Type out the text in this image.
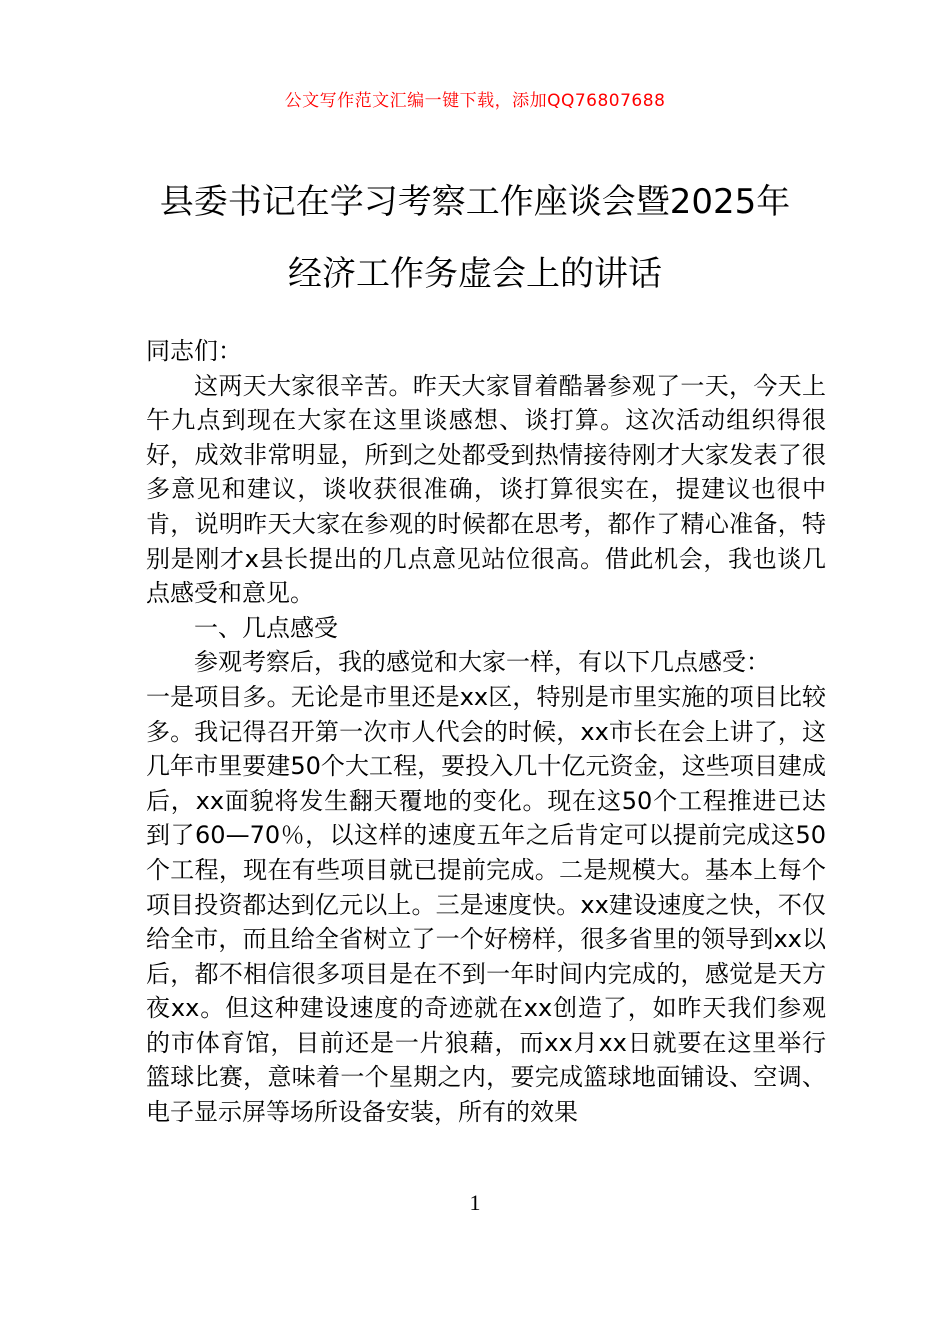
公文写作范文汇编一键下载，添加QQ76807688
县委书记在学习考察工作座谈会暨2025年
经济工作务虚会上的讲话

同志们：

这两天大家很辛苦。昨天大家冒着酷暑参观了一天，今天上午九点到现在大家在这里谈感想、谈打算。这次活动组织得很好，成效非常明显，所到之处都受到热情接待刚才大家发表了很多意见和建议，谈收获很准确，谈打算很实在，提建议也很中肯，说明昨天大家在参观的时候都在思考，都作了精心准备，特别是刚才x县长提出的几点意见站位很高。借此机会，我也谈几点感受和意见。

一、几点感受

参观考察后，我的感觉和大家一样，有以下几点感受：

一是项目多。无论是市里还是xx区，特别是市里实施的项目比较多。我记得召开第一次市人代会的时候，xx市长在会上讲了，这几年市里要建50个大工程，要投入几十亿元资金，这些项目建成后，xx面貌将发生翻天覆地的变化。现在这50个工程推进已达到了60—70％，以这样的速度五年之后肯定可以提前完成这50个工程，现在有些项目就已提前完成。二是规模大。基本上每个项目投资都达到亿元以上。三是速度快。xx建设速度之快，不仅给全市，而且给全省树立了一个好榜样，很多省里的领导到xx以后，都不相信很多项目是在不到一年时间内完成的，感觉是天方夜xx。但这种建设速度的奇迹就在xx创造了，如昨天我们参观的市体育馆，目前还是一片狼藉，而xx月xx日就要在这里举行篮球比赛，意味着一个星期之内，要完成篮球地面铺设、空调、电子显示屏等场所设备安装，所有的效果

1
